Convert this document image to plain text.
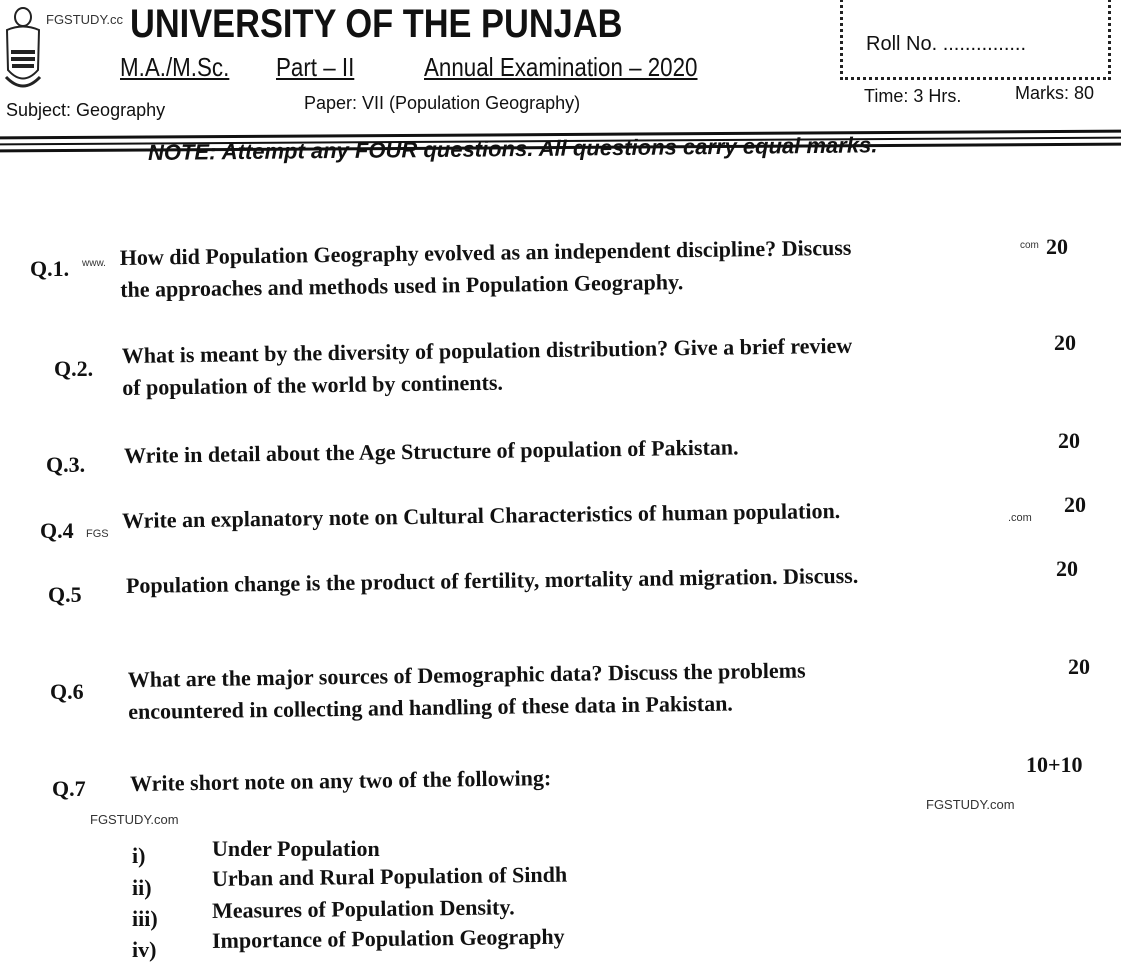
FGSTUDY.cc UNIVERSITY OF THE PUNJAB
M.A./M.Sc. Part – II	Annual Examination – 2020
Subject: Geography	Paper: VII (Population Geography)
Roll No. ...............
Time: 3 Hrs.	Marks: 80
NOTE: Attempt any FOUR questions. All questions carry equal marks.
Q.1. How did Population Geography evolved as an independent discipline? Discuss
the approaches and methods used in Population Geography.
20
Q.2.
What is meant by the diversity of population distribution? Give a brief review
of population of the world by continents.
20
Q.3. Write in detail about the Age Structure of population of Pakistan.	20
Q.4 Write an explanatory note on Cultural Characteristics of human population.	20
Q.5 Population change is the product of fertility, mortality and migration. Discuss.	20
Q.6 What are the major sources of Demographic data? Discuss the problems
encountered in collecting and handling of these data in Pakistan.
20
Q.7 Write short note on any two of the following:
10+10
FGSTUDY.com
FGSTUDY.com
www.
com
FGS
.com
i)	Under Population
ii)	Urban and Rural Population of Sindh
iii) Measures of Population Density.
iv)	Importance of Population Geography
